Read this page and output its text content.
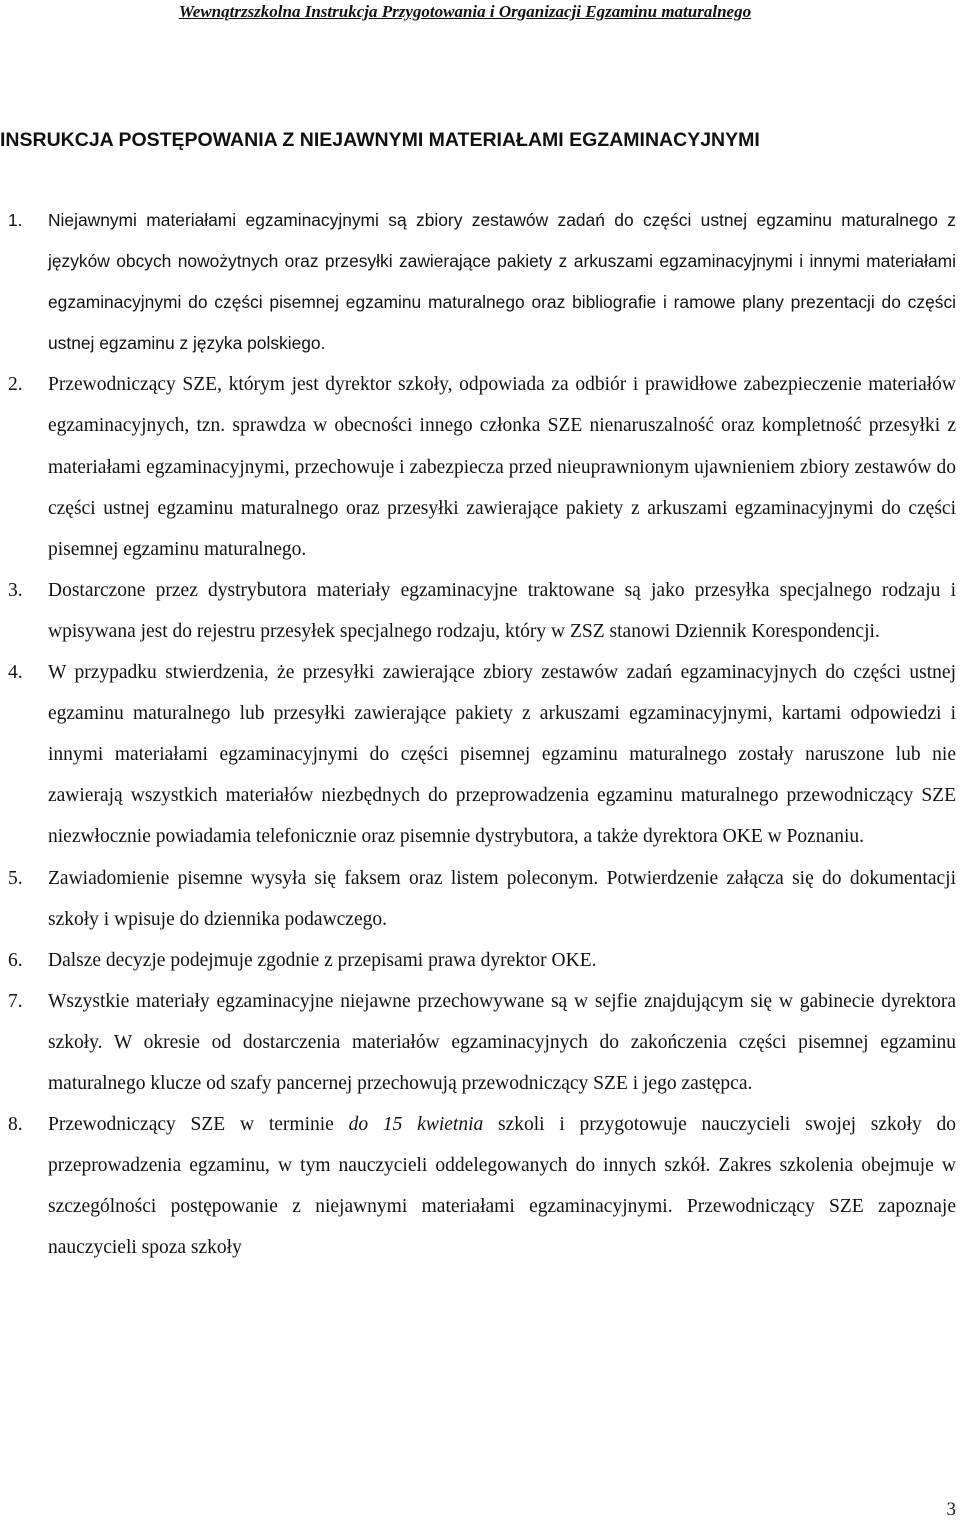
Wewnątrzszkolna Instrukcja Przygotowania i Organizacji Egzaminu maturalnego
INSRUKCJA POSTĘPOWANIA Z NIEJAWNYMI MATERIAŁAMI EGZAMINACYJNYMI
1. Niejawnymi materiałami egzaminacyjnymi są zbiory zestawów zadań do części ustnej egzaminu maturalnego z języków obcych nowożytnych oraz przesyłki zawierające pakiety z arkuszami egzaminacyjnymi i innymi materiałami egzaminacyjnymi do części pisemnej egzaminu maturalnego oraz bibliografie i ramowe plany prezentacji do części ustnej egzaminu z języka polskiego.
2. Przewodniczący SZE, którym jest dyrektor szkoły, odpowiada za odbiór i prawidłowe zabezpieczenie materiałów egzaminacyjnych, tzn. sprawdza w obecności innego członka SZE nienaruszalność oraz kompletność przesyłki z materiałami egzaminacyjnymi, przechowuje i zabezpiecza przed nieuprawnionym ujawnieniem zbiory zestawów do części ustnej egzaminu maturalnego oraz przesyłki zawierające pakiety z arkuszami egzaminacyjnymi do części pisemnej egzaminu maturalnego.
3. Dostarczone przez dystrybutora materiały egzaminacyjne traktowane są jako przesyłka specjalnego rodzaju i wpisywana jest do rejestru przesyłek specjalnego rodzaju, który w ZSZ stanowi Dziennik Korespondencji.
4. W przypadku stwierdzenia, że przesyłki zawierające zbiory zestawów zadań egzaminacyjnych do części ustnej egzaminu maturalnego lub przesyłki zawierające pakiety z arkuszami egzaminacyjnymi, kartami odpowiedzi i innymi materiałami egzaminacyjnymi do części pisemnej egzaminu maturalnego zostały naruszone lub nie zawierają wszystkich materiałów niezbędnych do przeprowadzenia egzaminu maturalnego przewodniczący SZE niezwłocznie powiadamia telefonicznie oraz pisemnie dystrybutora, a także dyrektora OKE w Poznaniu.
5. Zawiadomienie pisemne wysyła się faksem oraz listem poleconym. Potwierdzenie załącza się do dokumentacji szkoły i wpisuje do dziennika podawczego.
6. Dalsze decyzje podejmuje zgodnie z przepisami prawa dyrektor OKE.
7. Wszystkie materiały egzaminacyjne niejawne przechowywane są w sejfie znajdującym się w gabinecie dyrektora szkoły. W okresie od dostarczenia materiałów egzaminacyjnych do zakończenia części pisemnej egzaminu maturalnego klucze od szafy pancernej przechowują przewodniczący SZE i jego zastępca.
8. Przewodniczący SZE w terminie do 15 kwietnia szkoli i przygotowuje nauczycieli swojej szkoły do przeprowadzenia egzaminu, w tym nauczycieli oddelegowanych do innych szkół. Zakres szkolenia obejmuje w szczególności postępowanie z niejawnymi materiałami egzaminacyjnymi. Przewodniczący SZE zapoznaje nauczycieli spoza szkoły
3
